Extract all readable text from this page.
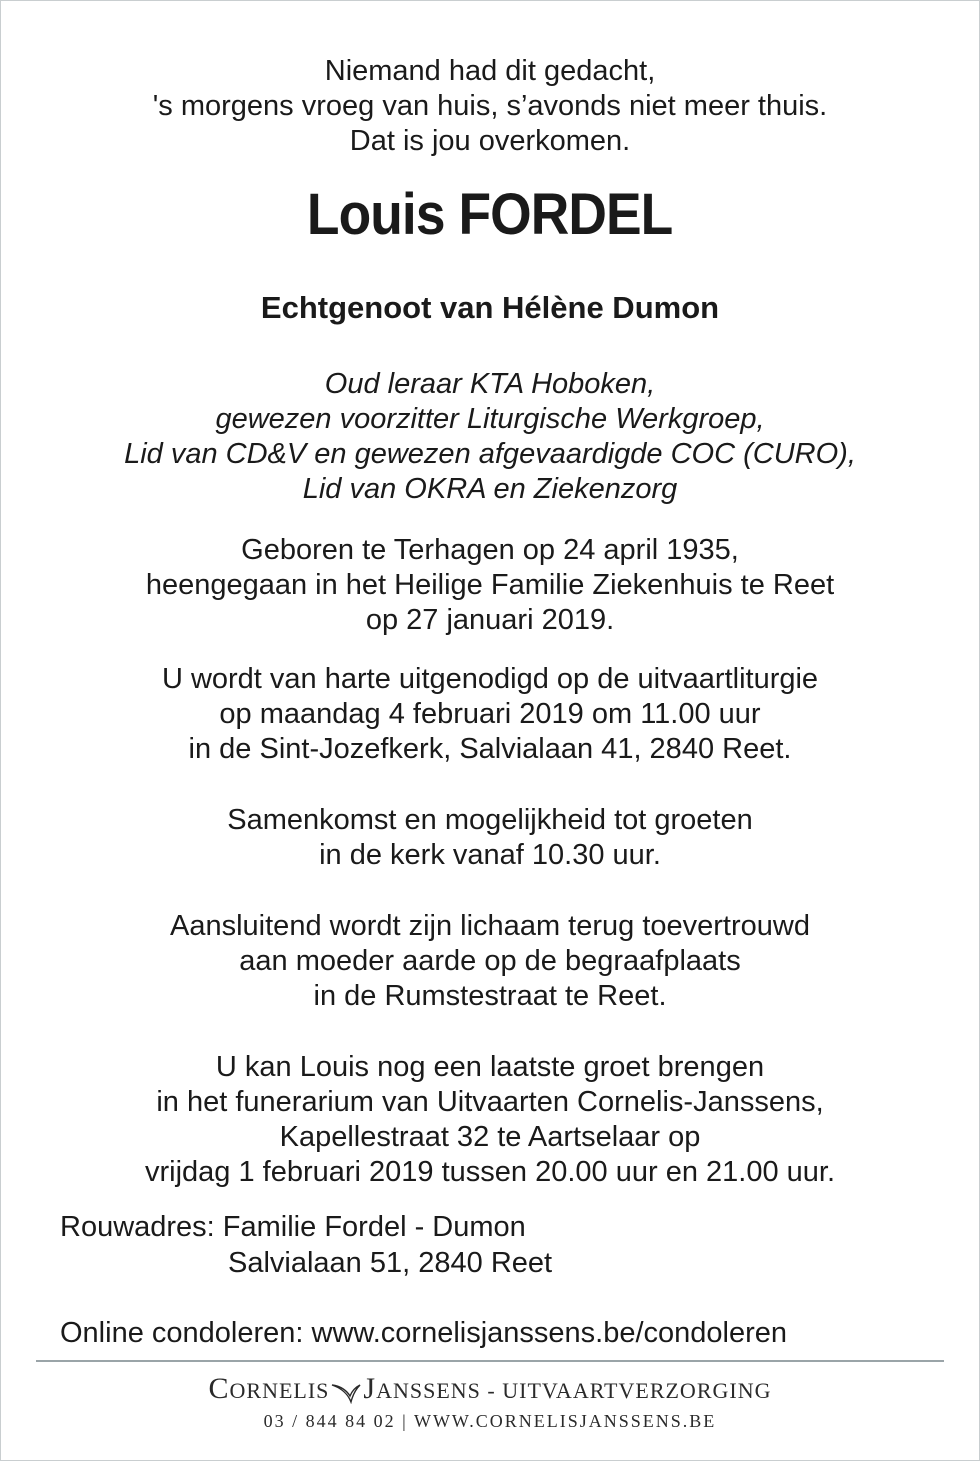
Niemand had dit gedacht,
's morgens vroeg van huis, s’avonds niet meer thuis.
Dat is jou overkomen.
Louis FORDEL
Echtgenoot van Hélène Dumon
Oud leraar KTA Hoboken,
gewezen voorzitter Liturgische Werkgroep,
Lid van CD&V en gewezen afgevaardigde COC (CURO),
Lid van OKRA en Ziekenzorg
Geboren te Terhagen op 24 april 1935,
heengegaan in het Heilige Familie Ziekenhuis te Reet
op 27 januari 2019.
U wordt van harte uitgenodigd op de uitvaartliturgie
op maandag 4 februari 2019 om 11.00 uur
in de Sint-Jozefkerk, Salvialaan 41, 2840 Reet.
Samenkomst en mogelijkheid tot groeten
in de kerk vanaf 10.30 uur.
Aansluitend wordt zijn lichaam terug toevertrouwd
aan moeder aarde op de begraafplaats
in de Rumstestraat te Reet.
U kan Louis nog een laatste groet brengen
in het funerarium van Uitvaarten Cornelis-Janssens,
Kapellestraat 32 te Aartselaar op
vrijdag 1 februari 2019 tussen 20.00 uur en 21.00 uur.
Rouwadres: Familie Fordel - Dumon
Salvialaan 51, 2840 Reet
Online condoleren: www.cornelisjanssens.be/condoleren
CORNELIS JANSSENS - UITVAARTVERZORGING
03 / 844 84 02 | WWW.CORNELISJANSSENS.BE
